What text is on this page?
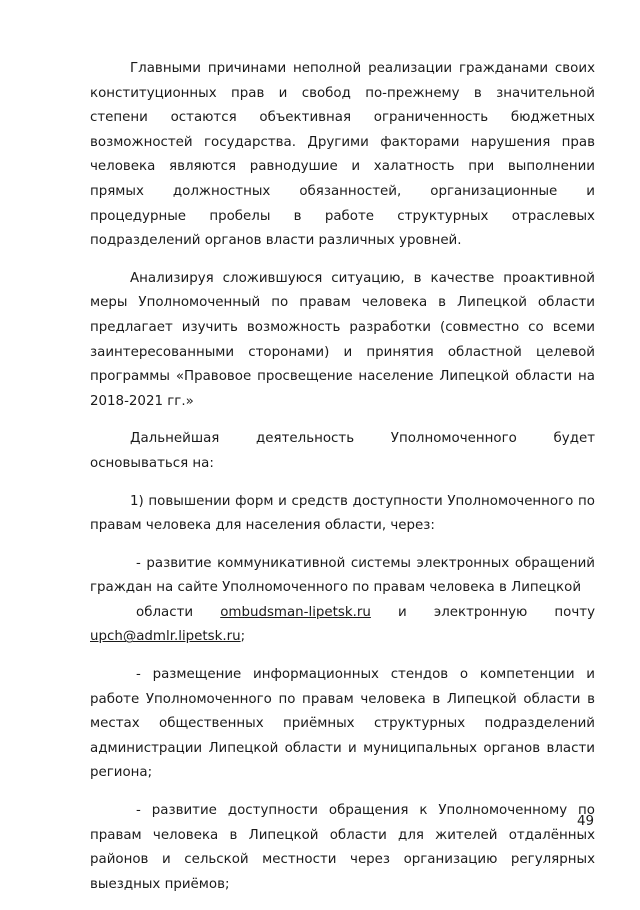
Главными причинами неполной реализации гражданами своих конституционных прав и свобод по-прежнему в значительной степени остаются объективная ограниченность бюджетных возможностей государства. Другими факторами нарушения прав человека являются равнодушие и халатность при выполнении прямых должностных обязанностей, организационные и процедурные пробелы в работе структурных отраслевых подразделений органов власти различных уровней.

Анализируя сложившуюся ситуацию, в качестве проактивной меры Уполномоченный по правам человека в Липецкой области предлагает изучить возможность разработки (совместно со всеми заинтересованными сторонами) и принятия областной целевой программы «Правовое просвещение население Липецкой области на 2018-2021 гг.»

Дальнейшая деятельность Уполномоченного будет основываться на:

1) повышении форм и средств доступности Уполномоченного по правам человека для населения области, через:

- развитие коммуникативной системы электронных обращений граждан на сайте Уполномоченного по правам человека в Липецкой
области ombudsman-lipetsk.ru и электронную почту
upch@admlr.lipetsk.ru;

- размещение информационных стендов о компетенции и работе Уполномоченного по правам человека в Липецкой области в местах общественных приёмных структурных подразделений администрации Липецкой области и муниципальных органов власти региона;

- развитие доступности обращения к Уполномоченному по правам человека в Липецкой области для жителей отдалённых районов и сельской местности через организацию регулярных выездных приёмов;

49
